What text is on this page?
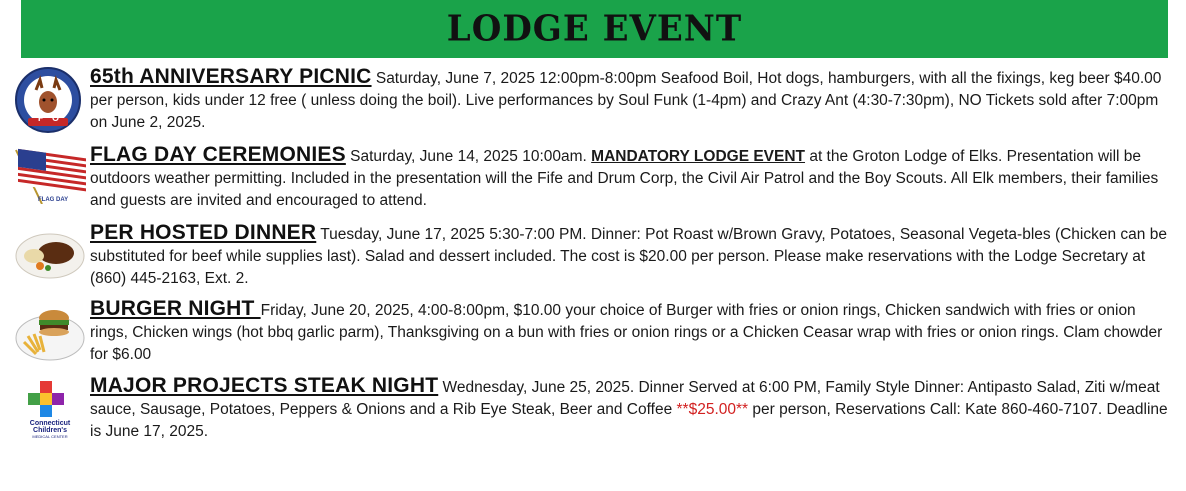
LODGE EVENT
B
P O
E
65th ANNIVERSARY PICNIC Saturday, June 7, 2025 12:00pm-8:00pm Seafood Boil, Hot dogs, hamburgers, with all the fixings, keg beer $40.00 per person, kids under 12 free ( unless doing the boil). Live performances by Soul Funk (1-4pm) and Crazy Ant (4:30-7:30pm), NO Tickets sold after 7:00pm on June 2, 2025.
FLAG DAY
FLAG DAY CEREMONIES Saturday, June 14, 2025 10:00am. MANDATORY LODGE EVENT at the Groton Lodge of Elks. Presentation will be outdoors weather permitting. Included in the presentation will the Fife and Drum Corp, the Civil Air Patrol and the Boy Scouts. All Elk members, their families and guests are invited and encouraged to attend.
PER HOSTED DINNER Tuesday, June 17, 2025 5:30-7:00 PM. Dinner: Pot Roast w/Brown Gravy, Potatoes, Seasonal Vegeta-bles (Chicken can be substituted for beef while supplies last). Salad and dessert included. The cost is $20.00 per person. Please make reservations with the Lodge Secretary at (860) 445-2163, Ext. 2.
BURGER NIGHT Friday, June 20, 2025, 4:00-8:00pm, $10.00 your choice of Burger with fries or onion rings, Chicken sandwich with fries or onion rings, Chicken wings (hot bbq garlic parm), Thanksgiving on a bun with fries or onion rings or a Chicken Ceasar wrap with fries or onion rings. Clam chowder for $6.00
Connecticut
Children's
MEDICAL CENTER
MAJOR PROJECTS STEAK NIGHT Wednesday, June 25, 2025. Dinner Served at 6:00 PM, Family Style Dinner: Antipasto Salad, Ziti w/meat sauce, Sausage, Potatoes, Peppers & Onions and a Rib Eye Steak, Beer and Coffee **$25.00** per person, Reservations Call: Kate 860-460-7107. Deadline is June 17, 2025.
